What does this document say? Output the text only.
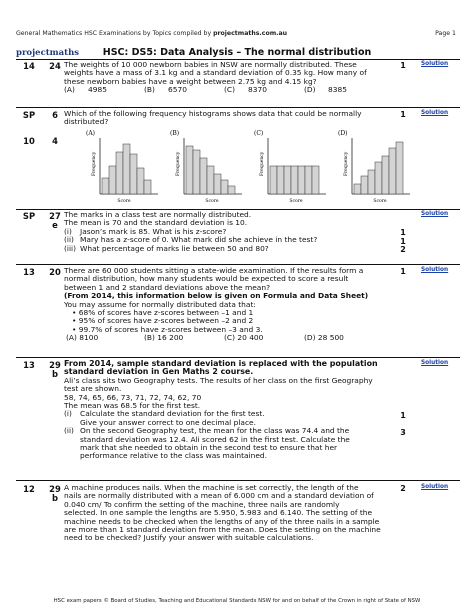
General Mathematics HSC Examinations by Topics compiled by projectmaths.com.au	Page 1
projectmaths	HSC: DS5: Data Analysis – The normal distribution
14	24 The weights of 10 000 newborn babies in NSW are normally distributed. These
weights have a mass of 3.1 kg and a standard deviation of 0.35 kg. How many of
these newborn babies have a weight between 2.75 kg and 4.15 kg?
(A)	4985	(B)	6570	(C)	8370	(D)	8385
1	Solution
SP	6
10	4
Which of the following frequency histograms shows data that could be normally
distributed?
1	Solution
(A)
Frequency
Score
(B)
Frequency
Score
(C)
Frequency
Score
(D)
Frequency
Score
SP	27
e
The marks in a class test are normally distributed.
The mean is 70 and the standard deviation is 10.
(i)	Jason’s mark is 85. What is his z-score?
(ii) Mary has a z-score of 0. What mark did she achieve in the test?
(iii) What percentage of marks lie between 50 and 80?
1
1
2
Solution
13	20 There are 60 000 students sitting a state-wide examination. If the results form a
normal distribution, how many students would be expected to score a result
between 1 and 2 standard deviations above the mean?
(From 2014, this information below is given on Formula and Data Sheet)
You may assume for normally distributed data that:
• 68% of scores have z-scores between –1 and 1
• 95% of scores have z-scores between –2 and 2
• 99.7% of scores have z-scores between –3 and 3.
(A) 8100	(B) 16 200	(C) 20 400	(D) 28 500
1	Solution
13	29
b
From 2014, sample standard deviation is replaced with the population
standard deviation in Gen Maths 2 course.
Ali’s class sits two Geography tests. The results of her class on the first Geography
test are shown.
58, 74, 65, 66, 73, 71, 72, 74, 62, 70
The mean was 68.5 for the first test.
(i)	Calculate the standard deviation for the first test.
Give your answer correct to one decimal place.
(ii) On the second Geography test, the mean for the class was 74.4 and the
standard deviation was 12.4. Ali scored 62 in the first test. Calculate the
mark that she needed to obtain in the second test to ensure that her
performance relative to the class was maintained.
1
3
Solution
12	29
b
A machine produces nails. When the machine is set correctly, the length of the
nails are normally distributed with a mean of 6.000 cm and a standard deviation of
0.040 cm/ To confirm the setting of the machine, three nails are randomly
selected. In one sample the lengths are 5.950, 5.983 and 6.140. The setting of the
machine needs to be checked when the lengths of any of the three nails in a sample
are more than 1 standard deviation from the mean. Does the setting on the machine
need to be checked? Justify your answer with suitable calculations.
2	Solution
HSC exam papers © Board of Studies, Teaching and Educational Standards NSW for and on behalf of the Crown in right of State of NSW
